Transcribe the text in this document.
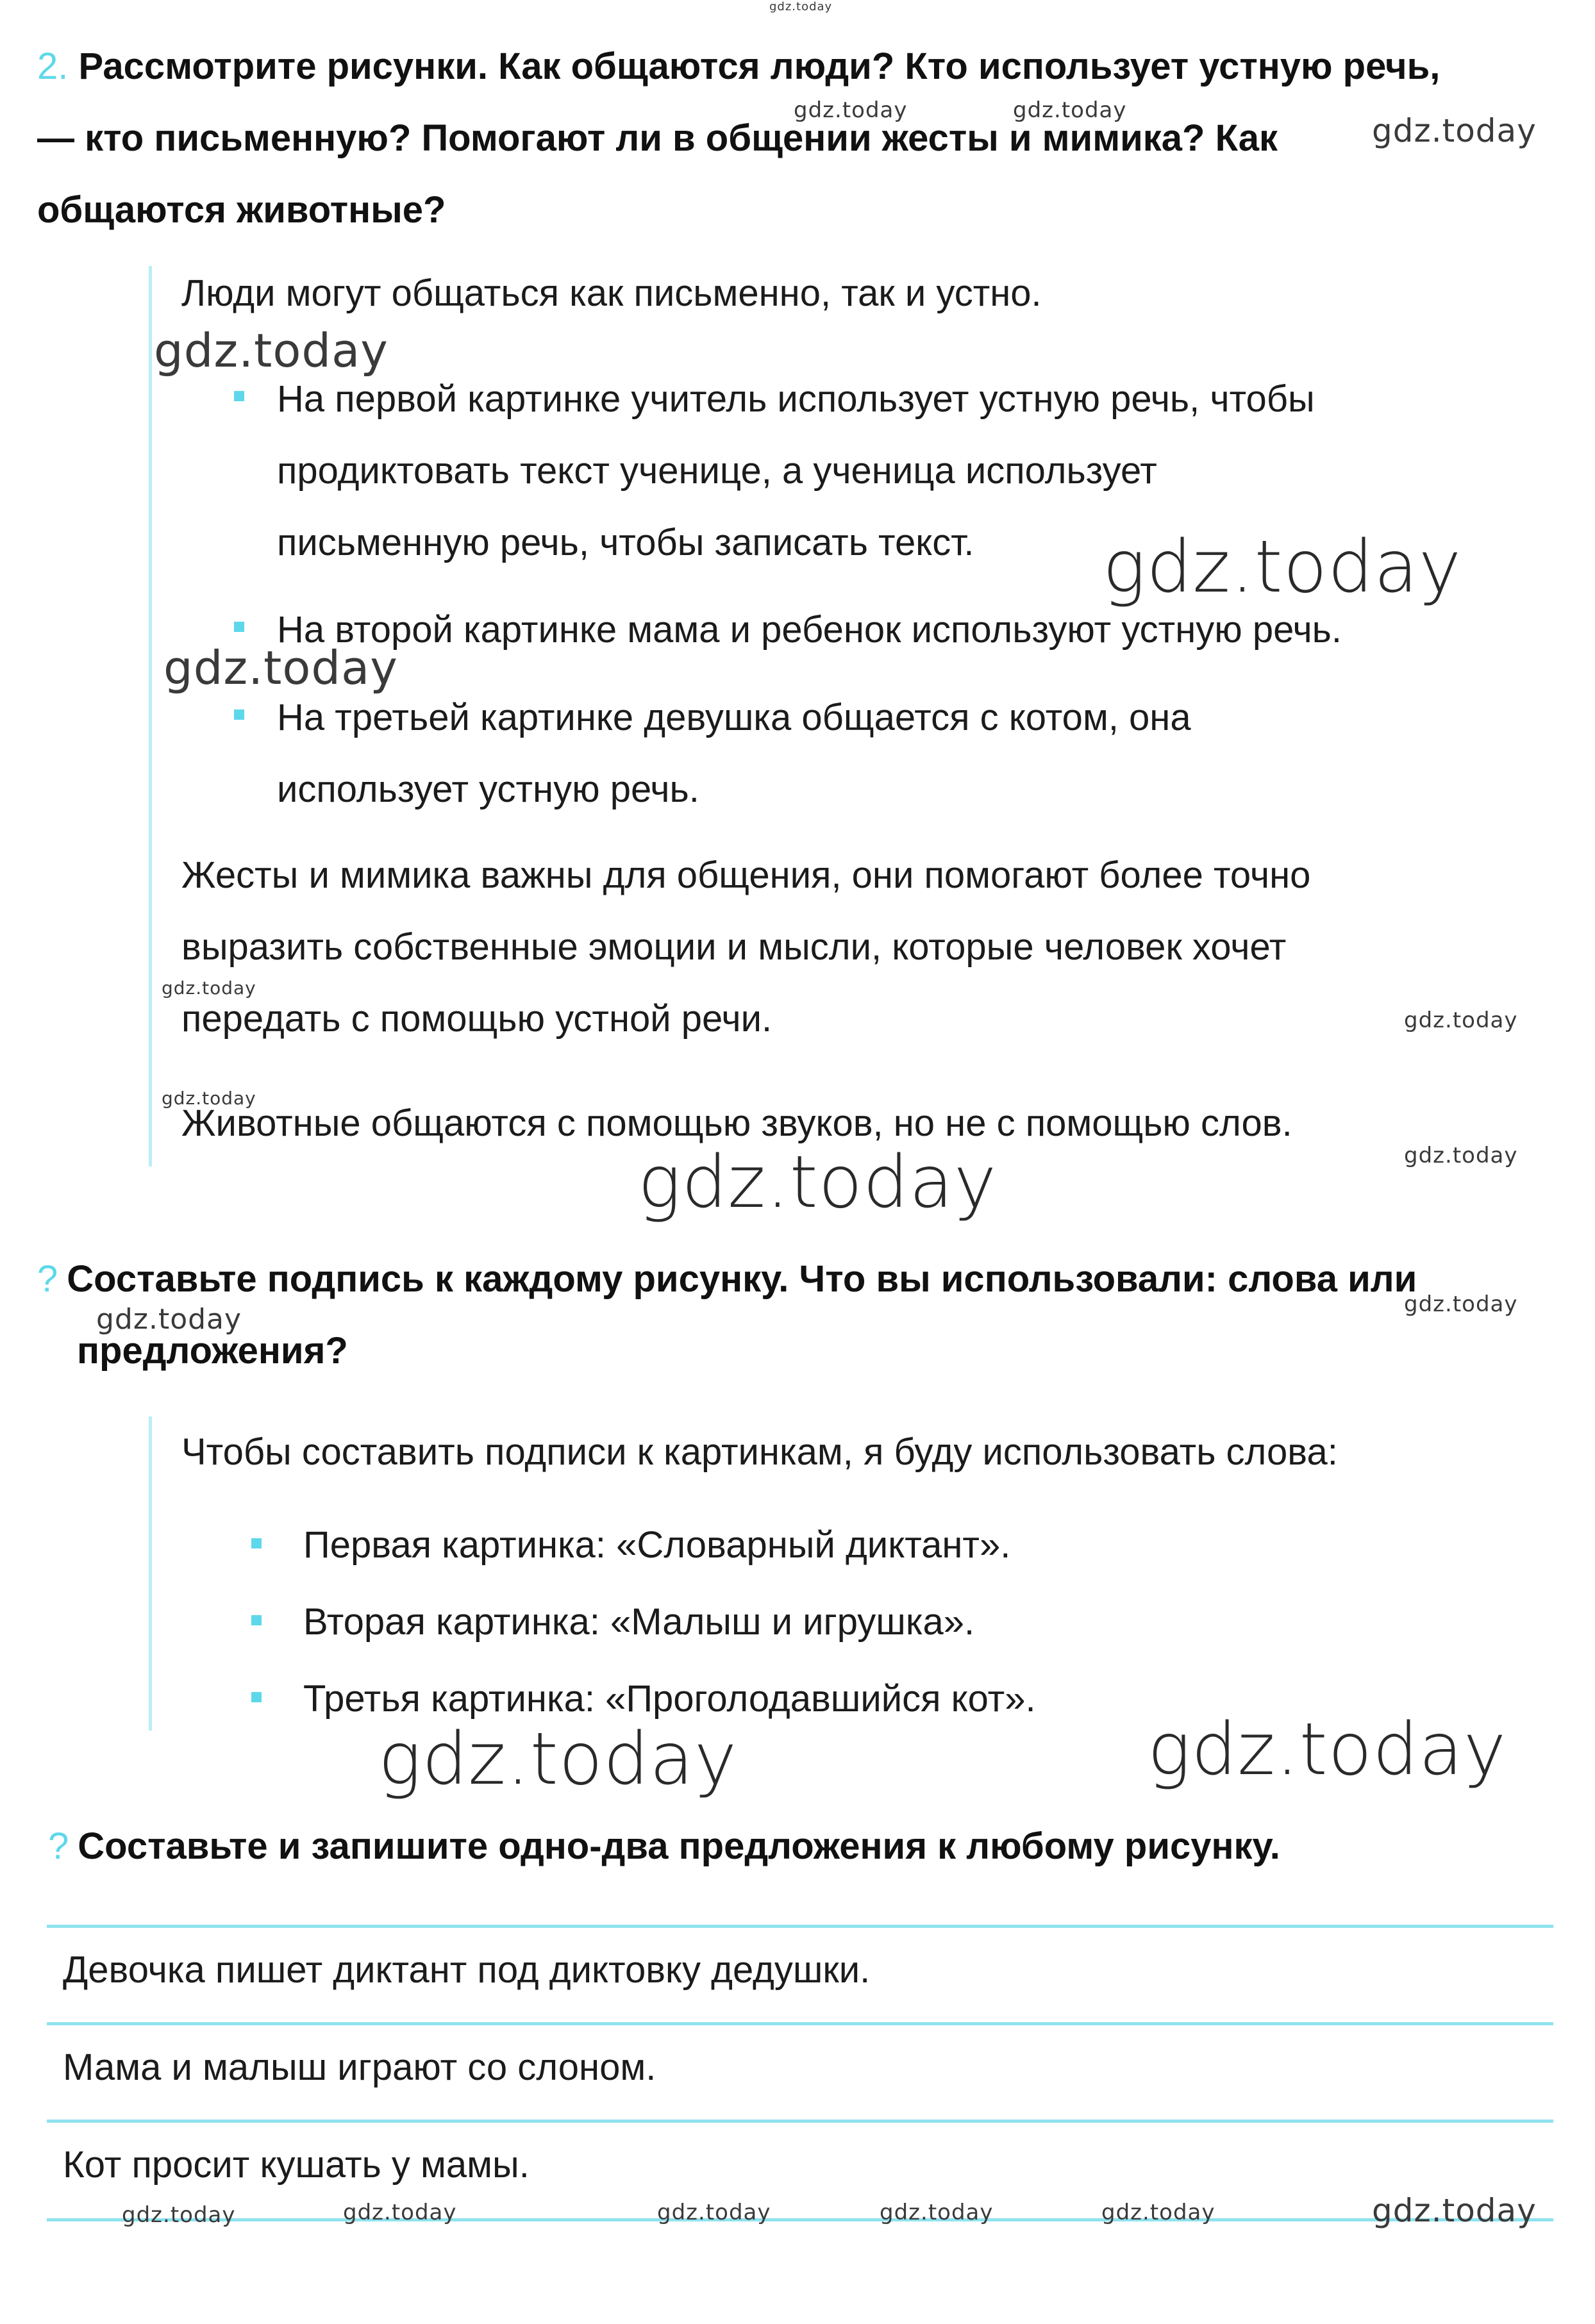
gdz.today

2. Рассмотрите рисунки. Как общаются люди? Кто использует устную речь,

— кто письменную? Помогают ли в общении жесты и мимика? Как

общаются животные?

Люди могут общаться как письменно, так и устно.

На первой картинке учитель использует устную речь, чтобы

продиктовать текст ученице, а ученица использует

письменную речь, чтобы записать текст.

На второй картинке мама и ребенок используют устную речь.

На третьей картинке девушка общается с котом, она

использует устную речь.

Жесты и мимика важны для общения, они помогают более точно

выразить собственные эмоции и мысли, которые человек хочет

передать с помощью устной речи.

Животные общаются с помощью звуков, но не с помощью слов.

? Составьте подпись к каждому рисунку. Что вы использовали: слова или

предложения?

Чтобы составить подписи к картинкам, я буду использовать слова:

Первая картинка: «Словарный диктант».

Вторая картинка: «Малыш и игрушка».

Третья картинка: «Проголодавшийся кот».

? Составьте и запишите одно-два предложения к любому рисунку.

Девочка пишет диктант под диктовку дедушки.

Мама и малыш играют со слоном.

Кот просит кушать у мамы.

gdz.today	gdz.today
gdz.today
gdz.today
gdz.today
gdz.today
gdz.today
gdz.today
gdz.today
gdz.today
gdz.today
gdz.today	gdz.today
gdz.today	gdz.today
gdz.today	gdz.today	gdz.today	gdz.today	gdz.today	gdz.today
